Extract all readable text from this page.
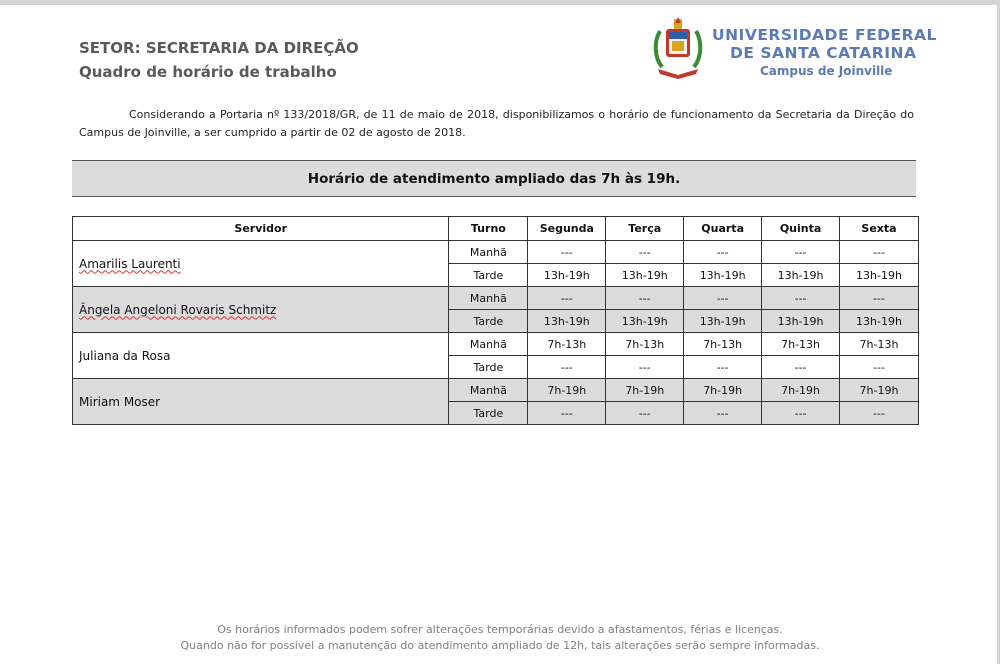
SETOR: SECRETARIA DA DIREÇÃO
Quadro de horário de trabalho
UNIVERSIDADE FEDERAL
DE SANTA CATARINA
Campus de Joinville
Considerando a Portaria nº 133/2018/GR, de 11 de maio de 2018, disponibilizamos o horário de funcionamento da Secretaria da Direção do Campus de Joinville, a ser cumprido a partir de 02 de agosto de 2018.
Horário de atendimento ampliado das 7h às 19h.
Servidor	Turno	Segunda	Terça	Quarta	Quinta	Sexta
Amarilis Laurenti	Manhã	---	---	---	---	---
	Tarde	13h-19h	13h-19h	13h-19h	13h-19h	13h-19h
Ângela Angeloni Rovaris Schmitz	Manhã	---	---	---	---	---
	Tarde	13h-19h	13h-19h	13h-19h	13h-19h	13h-19h
Juliana da Rosa	Manhã	7h-13h	7h-13h	7h-13h	7h-13h	7h-13h
	Tarde	---	---	---	---	---
Miriam Moser	Manhã	7h-19h	7h-19h	7h-19h	7h-19h	7h-19h
	Tarde	---	---	---	---	---
Os horários informados podem sofrer alterações temporárias devido a afastamentos, férias e licenças.
Quando não for possível a manutenção do atendimento ampliado de 12h, tais alterações serão sempre informadas.
